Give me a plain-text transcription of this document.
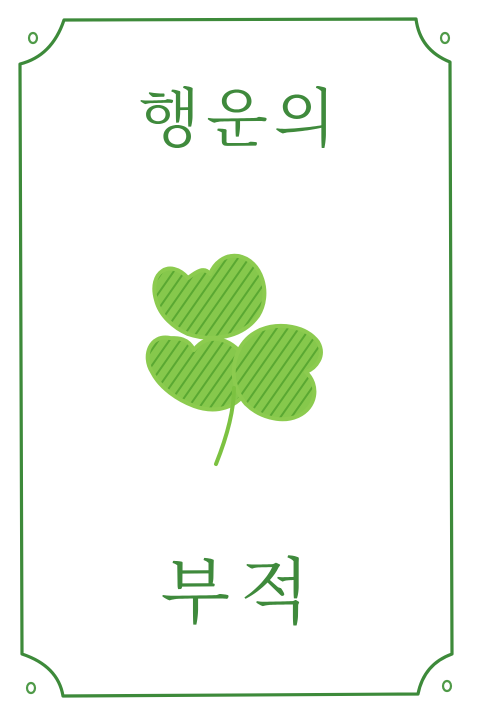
행운의
부적
